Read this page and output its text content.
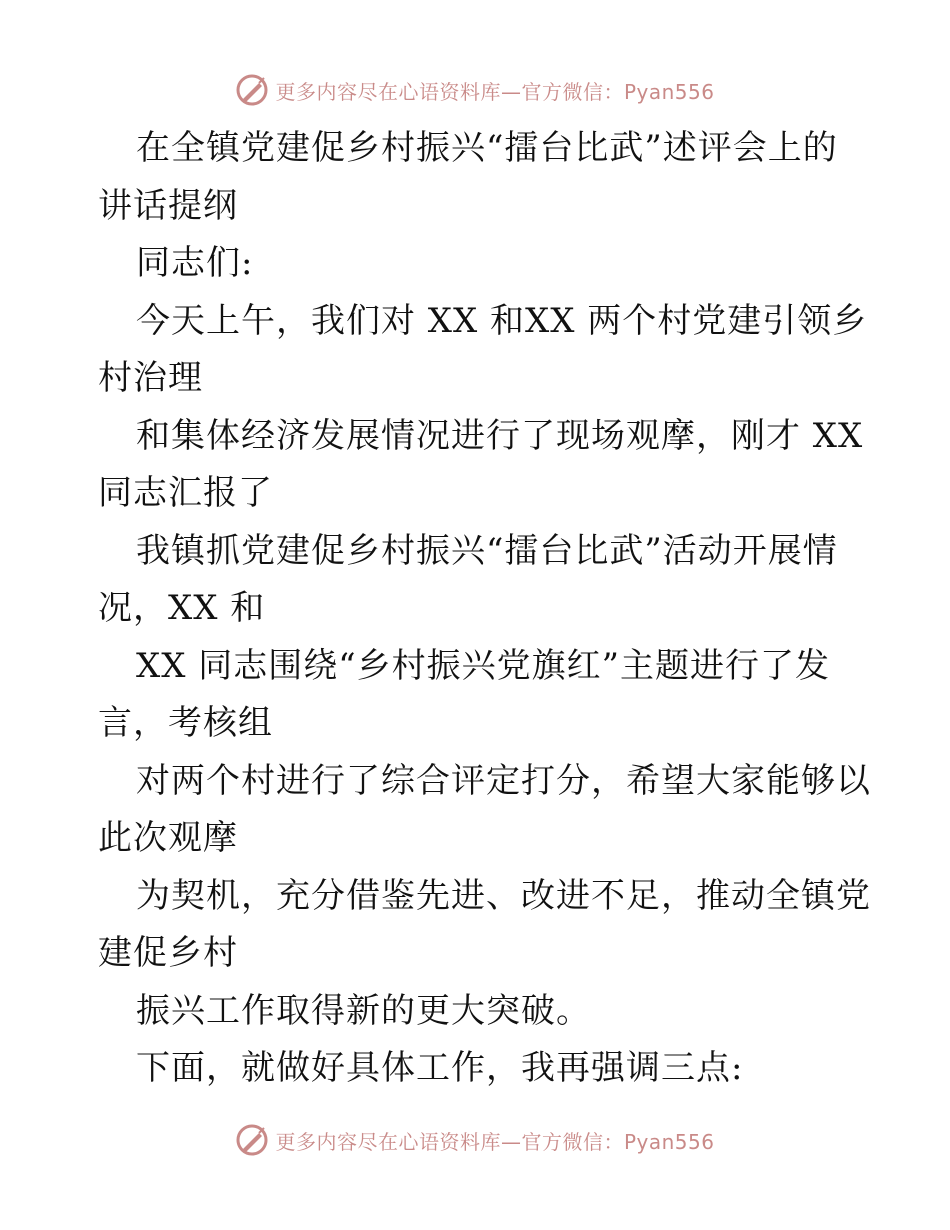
更多内容尽在心语资料库—官方微信：Pyan556
在全镇党建促乡村振兴“擂台比武”述评会上的
讲话提纲
同志们:
今天上午，我们对 XX 和XX 两个村党建引领乡
村治理
和集体经济发展情况进行了现场观摩，刚才 XX
同志汇报了
我镇抓党建促乡村振兴“擂台比武”活动开展情
况，XX 和
XX 同志围绕“乡村振兴党旗红”主题进行了发
言，考核组
对两个村进行了综合评定打分，希望大家能够以
此次观摩
为契机，充分借鉴先进、改进不足，推动全镇党
建促乡村
振兴工作取得新的更大突破。
下面，就做好具体工作，我再强调三点:
更多内容尽在心语资料库—官方微信：Pyan556
